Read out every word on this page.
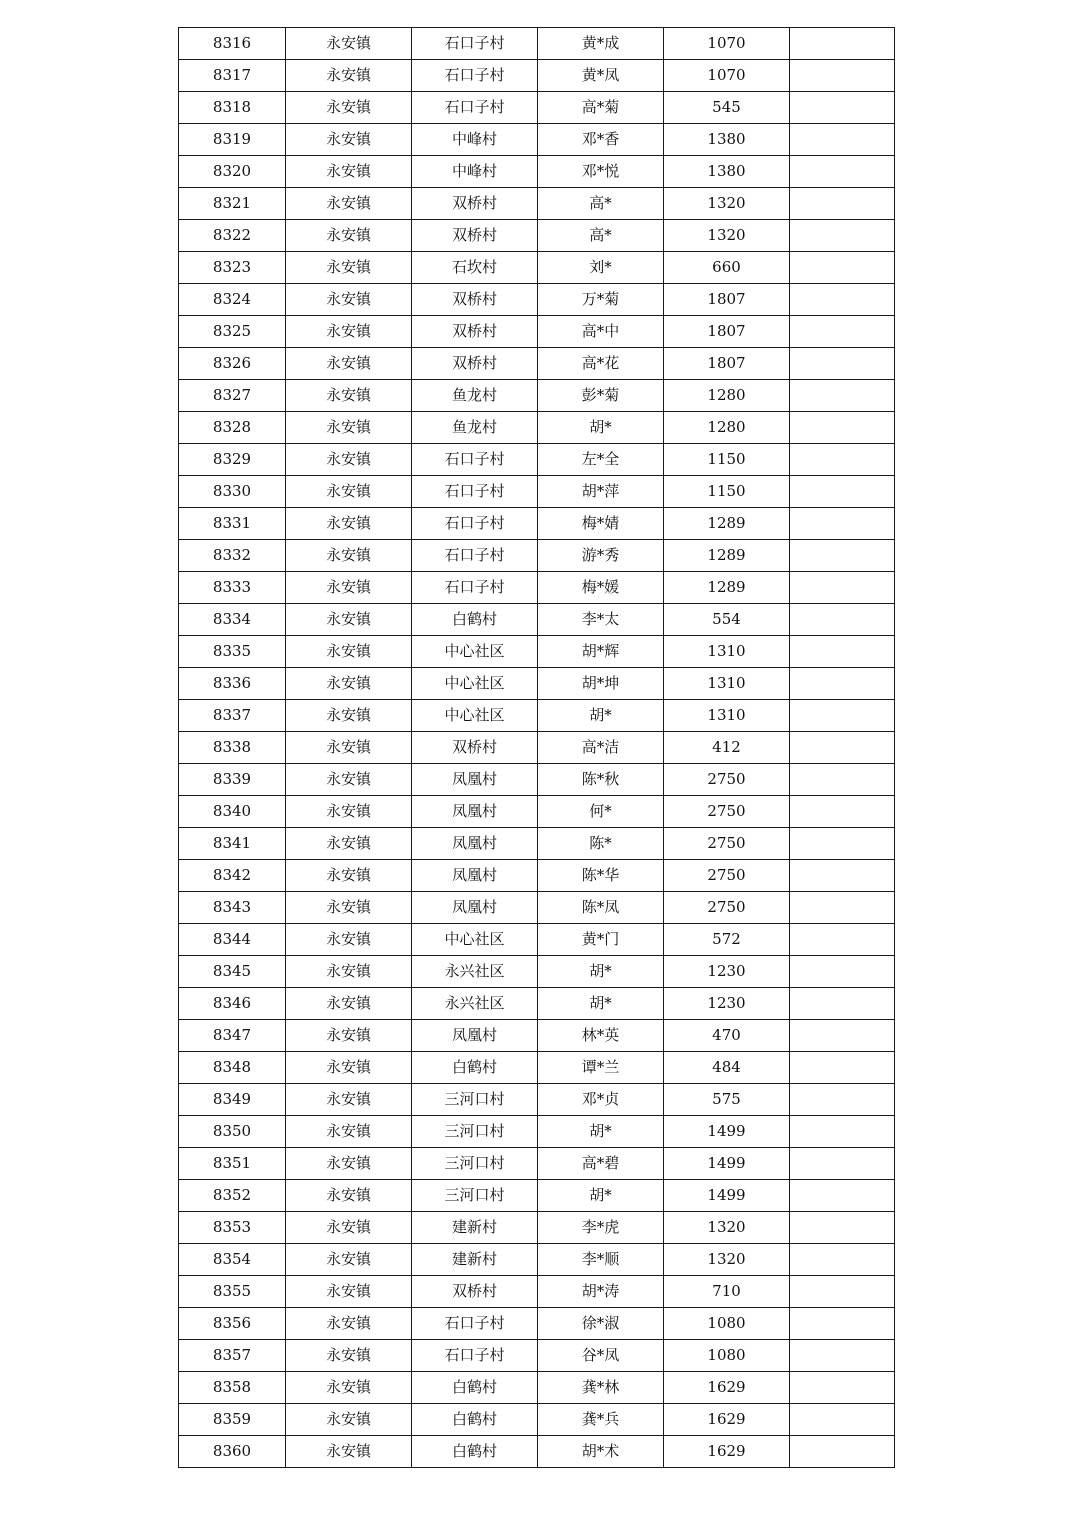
8316	永安镇	石口子村	黄*成	1070	
8317	永安镇	石口子村	黄*凤	1070	
8318	永安镇	石口子村	高*菊	545	
8319	永安镇	中峰村	邓*香	1380	
8320	永安镇	中峰村	邓*悦	1380	
8321	永安镇	双桥村	高*	1320	
8322	永安镇	双桥村	高*	1320	
8323	永安镇	石坎村	刘*	660	
8324	永安镇	双桥村	万*菊	1807	
8325	永安镇	双桥村	高*中	1807	
8326	永安镇	双桥村	高*花	1807	
8327	永安镇	鱼龙村	彭*菊	1280	
8328	永安镇	鱼龙村	胡*	1280	
8329	永安镇	石口子村	左*全	1150	
8330	永安镇	石口子村	胡*萍	1150	
8331	永安镇	石口子村	梅*婧	1289	
8332	永安镇	石口子村	游*秀	1289	
8333	永安镇	石口子村	梅*媛	1289	
8334	永安镇	白鹤村	李*太	554	
8335	永安镇	中心社区	胡*辉	1310	
8336	永安镇	中心社区	胡*坤	1310	
8337	永安镇	中心社区	胡*	1310	
8338	永安镇	双桥村	高*洁	412	
8339	永安镇	凤凰村	陈*秋	2750	
8340	永安镇	凤凰村	何*	2750	
8341	永安镇	凤凰村	陈*	2750	
8342	永安镇	凤凰村	陈*华	2750	
8343	永安镇	凤凰村	陈*凤	2750	
8344	永安镇	中心社区	黄*门	572	
8345	永安镇	永兴社区	胡*	1230	
8346	永安镇	永兴社区	胡*	1230	
8347	永安镇	凤凰村	林*英	470	
8348	永安镇	白鹤村	谭*兰	484	
8349	永安镇	三河口村	邓*贞	575	
8350	永安镇	三河口村	胡*	1499	
8351	永安镇	三河口村	高*碧	1499	
8352	永安镇	三河口村	胡*	1499	
8353	永安镇	建新村	李*虎	1320	
8354	永安镇	建新村	李*顺	1320	
8355	永安镇	双桥村	胡*涛	710	
8356	永安镇	石口子村	徐*淑	1080	
8357	永安镇	石口子村	谷*凤	1080	
8358	永安镇	白鹤村	龚*林	1629	
8359	永安镇	白鹤村	龚*兵	1629	
8360	永安镇	白鹤村	胡*术	1629	
